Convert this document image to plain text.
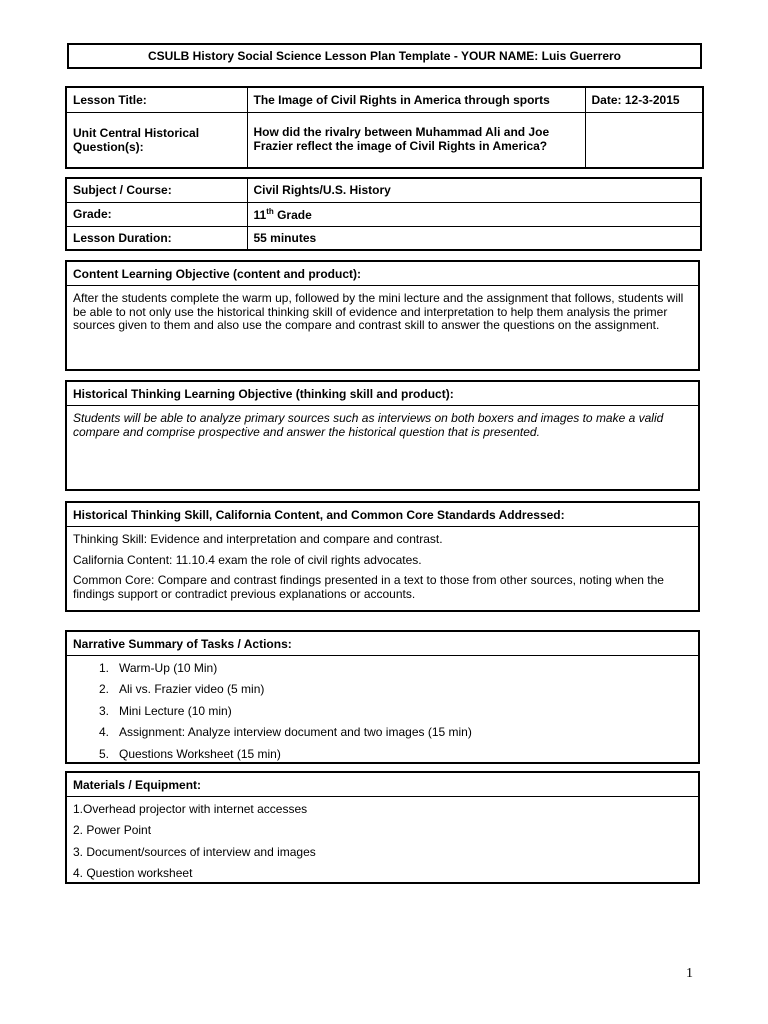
CSULB History Social Science Lesson Plan Template - YOUR NAME: Luis Guerrero
Lesson Title:	The Image of Civil Rights in America through sports	Date: 12-3-2015
Unit Central Historical Question(s):	How did the rivalry between Muhammad Ali and Joe Frazier reflect the image of Civil Rights in America?	
Subject / Course:	Civil Rights/U.S. History
Grade:	11th Grade
Lesson Duration:	55 minutes
Content Learning Objective (content and product):
After the students complete the warm up, followed by the mini lecture and the assignment that follows, students will be able to not only use the historical thinking skill of evidence and interpretation to help them analysis the primer sources given to them and also use the compare and contrast skill to answer the questions on the assignment.
Historical Thinking Learning Objective (thinking skill and product):
Students will be able to analyze primary sources such as interviews on both boxers and images to make a valid compare and comprise prospective and answer the historical question that is presented.
Historical Thinking Skill, California Content, and Common Core Standards Addressed:

Thinking Skill: Evidence and interpretation and compare and contrast.

California Content: 11.10.4 exam the role of civil rights advocates.

Common Core: Compare and contrast findings presented in a text to those from other sources, noting when the findings support or contradict previous explanations or accounts.

Narrative Summary of Tasks / Actions:
1. Warm-Up (10 Min)
2. Ali vs. Frazier video (5 min)
3. Mini Lecture (10 min)
4. Assignment: Analyze interview document and two images (15 min)
5. Questions Worksheet (15 min)
Materials / Equipment:
1.Overhead projector with internet accesses
2. Power Point
3. Document/sources of interview and images
4. Question worksheet
1
